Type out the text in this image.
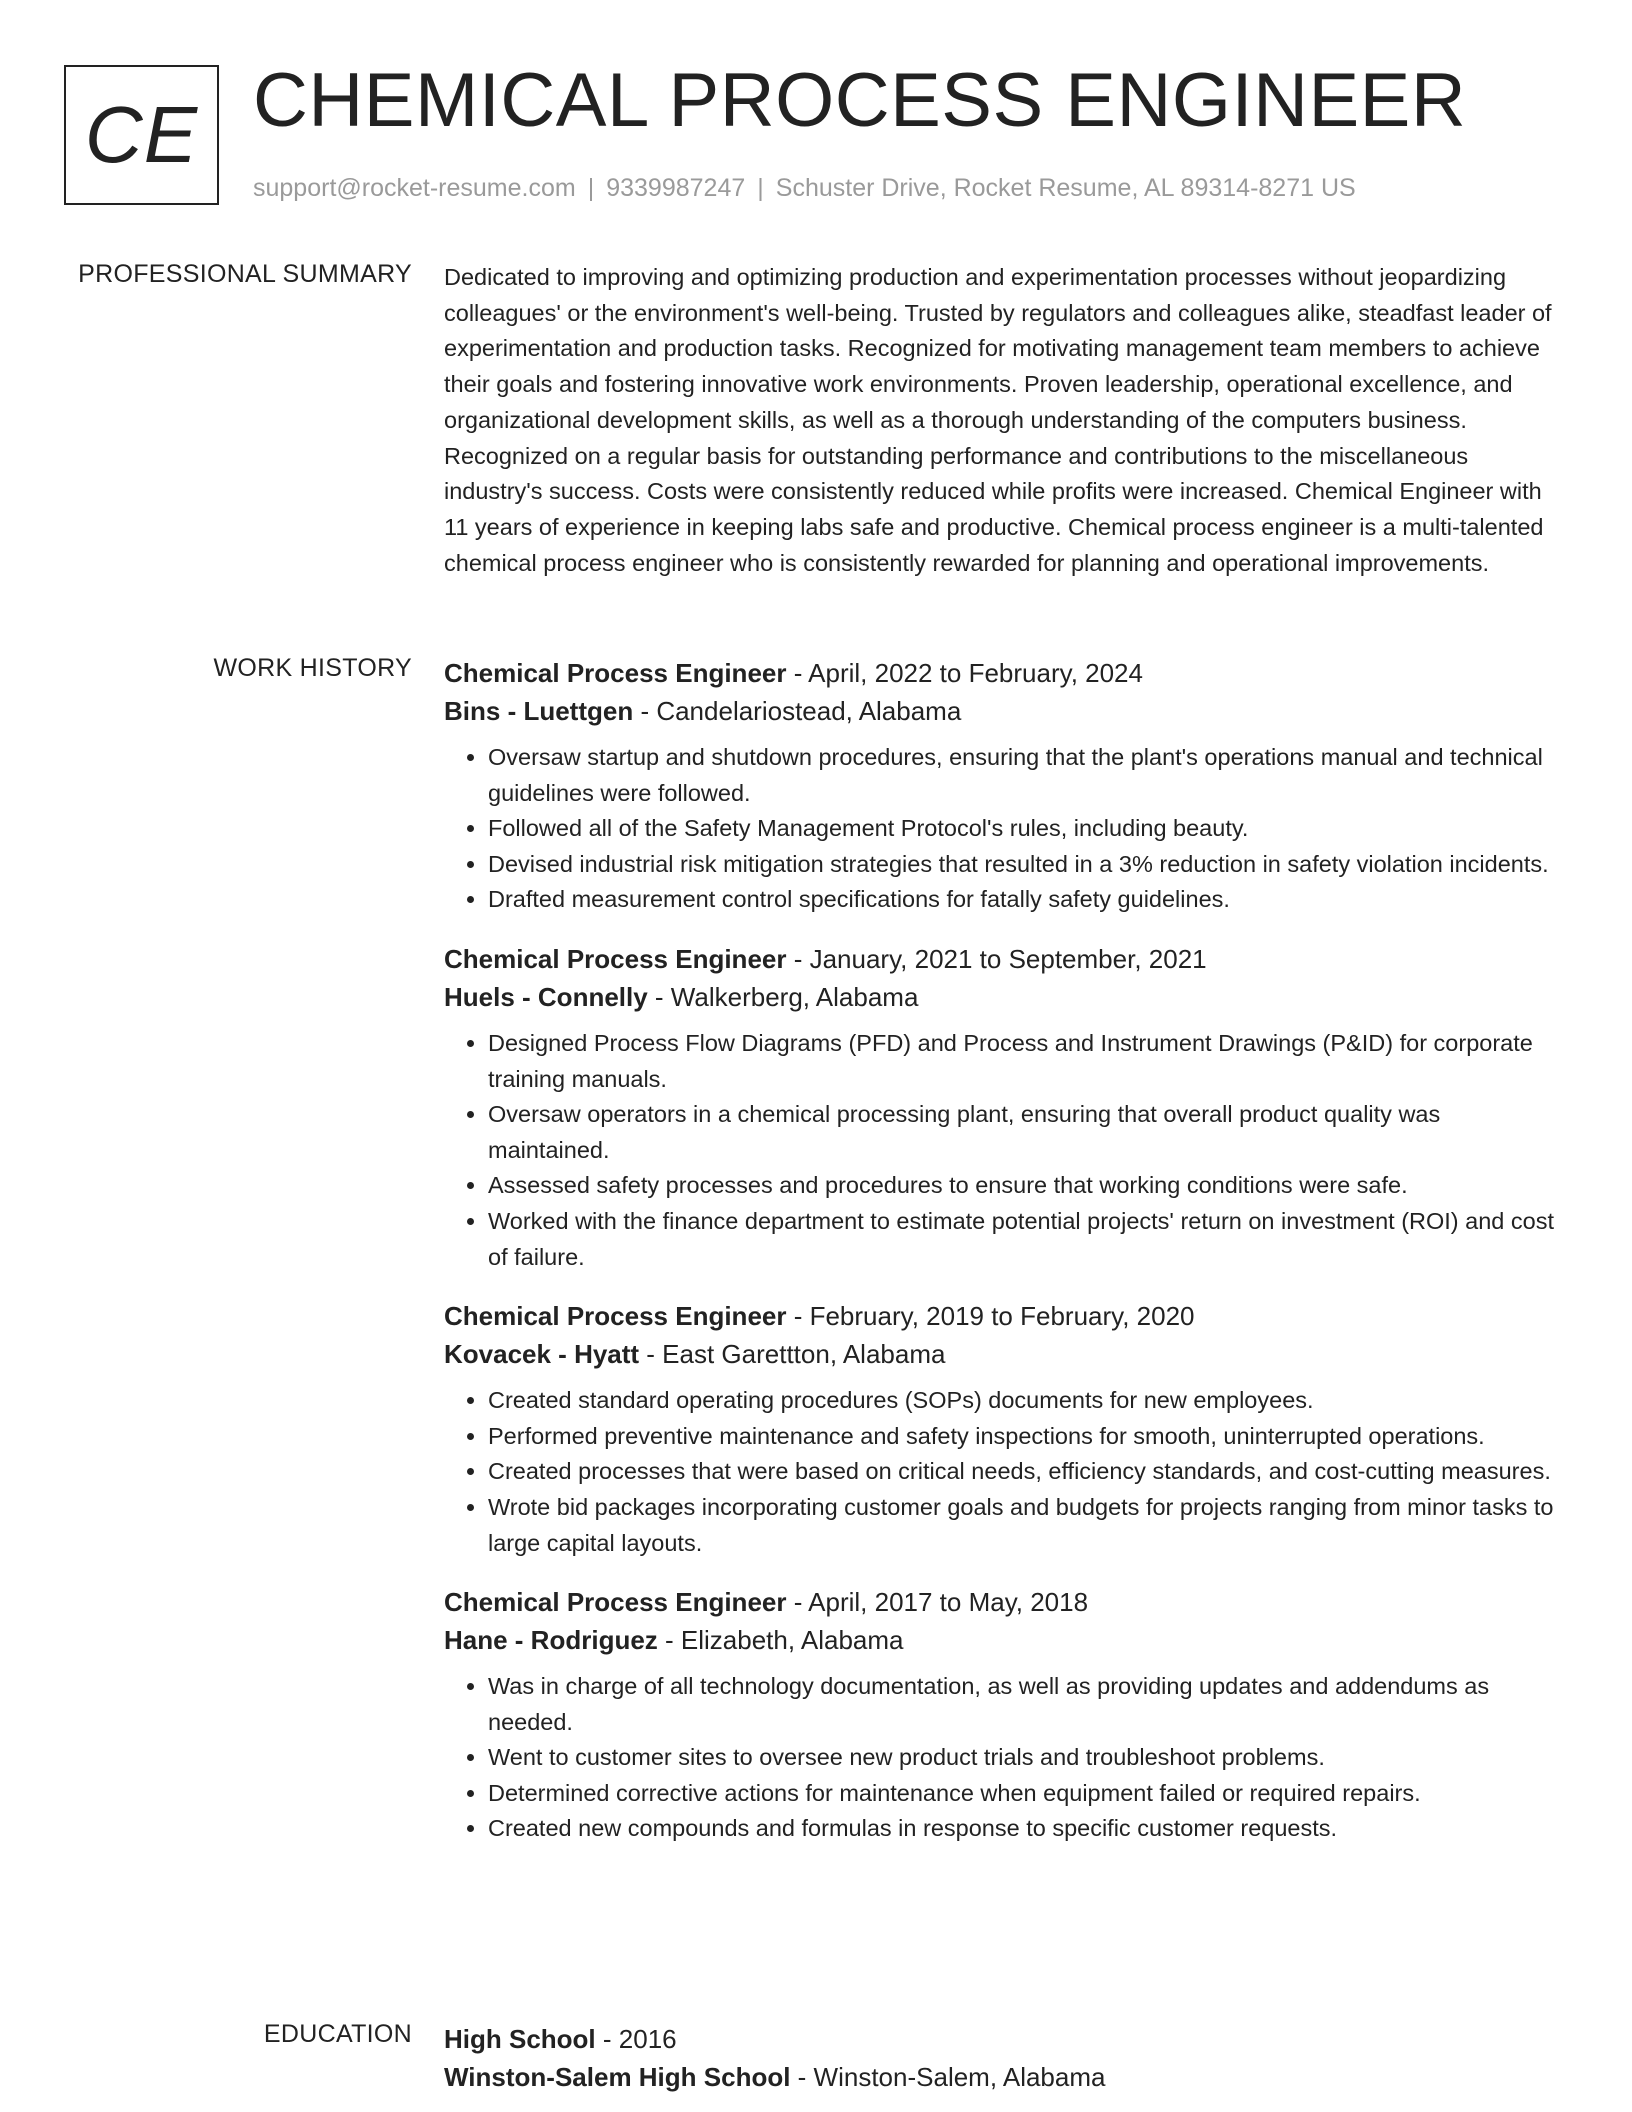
CE CHEMICAL PROCESS ENGINEER
support@rocket-resume.com | 9339987247 | Schuster Drive, Rocket Resume, AL 89314-8271 US
PROFESSIONAL SUMMARY Dedicated to improving and optimizing production and experimentation processes without jeopardizing colleagues' or the environment's well-being. Trusted by regulators and colleagues alike, steadfast leader of experimentation and production tasks. Recognized for motivating management team members to achieve their goals and fostering innovative work environments. Proven leadership, operational excellence, and organizational development skills, as well as a thorough understanding of the computers business. Recognized on a regular basis for outstanding performance and contributions to the miscellaneous industry's success. Costs were consistently reduced while profits were increased. Chemical Engineer with 11 years of experience in keeping labs safe and productive. Chemical process engineer is a multi-talented chemical process engineer who is consistently rewarded for planning and operational improvements.

WORK HISTORY Chemical Process Engineer - April, 2022 to February, 2024
Bins - Luettgen - Candelariostead, Alabama
• Oversaw startup and shutdown procedures, ensuring that the plant's operations manual and technical guidelines were followed.
• Followed all of the Safety Management Protocol's rules, including beauty.
• Devised industrial risk mitigation strategies that resulted in a 3% reduction in safety violation incidents.
• Drafted measurement control specifications for fatally safety guidelines.
Chemical Process Engineer - January, 2021 to September, 2021
Huels - Connelly - Walkerberg, Alabama
• Designed Process Flow Diagrams (PFD) and Process and Instrument Drawings (P&ID) for corporate training manuals.
• Oversaw operators in a chemical processing plant, ensuring that overall product quality was maintained.
• Assessed safety processes and procedures to ensure that working conditions were safe.
• Worked with the finance department to estimate potential projects' return on investment (ROI) and cost of failure.
Chemical Process Engineer - February, 2019 to February, 2020
Kovacek - Hyatt - East Garettton, Alabama
• Created standard operating procedures (SOPs) documents for new employees.
• Performed preventive maintenance and safety inspections for smooth, uninterrupted operations.
• Created processes that were based on critical needs, efficiency standards, and cost-cutting measures.
• Wrote bid packages incorporating customer goals and budgets for projects ranging from minor tasks to large capital layouts.
Chemical Process Engineer - April, 2017 to May, 2018
Hane - Rodriguez - Elizabeth, Alabama
• Was in charge of all technology documentation, as well as providing updates and addendums as needed.
• Went to customer sites to oversee new product trials and troubleshoot problems.
• Determined corrective actions for maintenance when equipment failed or required repairs.
• Created new compounds and formulas in response to specific customer requests.
EDUCATION High School - 2016
Winston-Salem High School - Winston-Salem, Alabama
